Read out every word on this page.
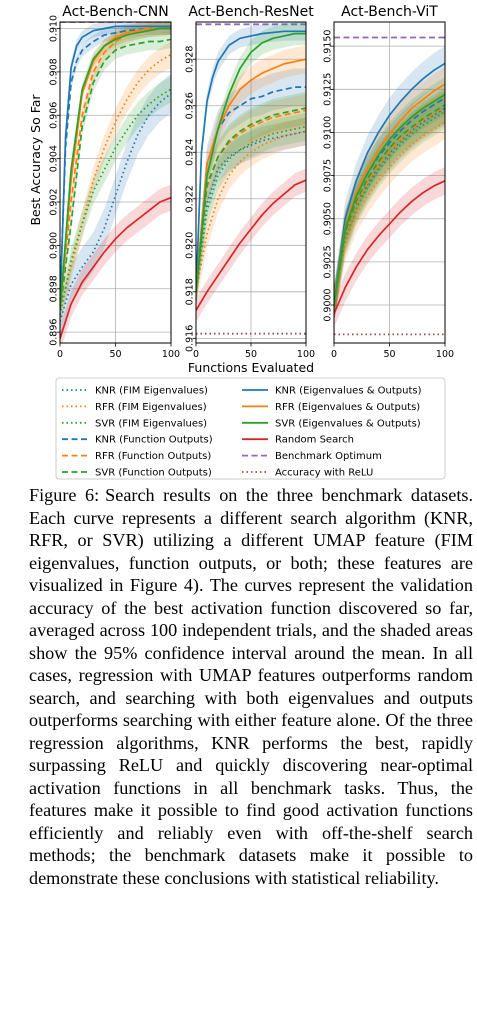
0.896
0.898
0.900
0.902
0.904
0.906
0.908
0.910
0	50	100
Act-Bench-CNN
0.916
0.918
0.920
0.922
0.924
0.926
0.928
0	50	100
Act-Bench-ResNet
0.9000
0.9025
0.9050
0.9075
0.9100
0.9125
0.9150
0	50	100
Act-Bench-ViT
Best Accuracy So Far
Functions Evaluated
KNR (FIM Eigenvalues)
RFR (FIM Eigenvalues)
SVR (FIM Eigenvalues)
KNR (Function Outputs)
RFR (Function Outputs)
SVR (Function Outputs)
KNR (Eigenvalues & Outputs)
RFR (Eigenvalues & Outputs)
SVR (Eigenvalues & Outputs)
Random Search
Benchmark Optimum
Accuracy with ReLU
Figure 6: Search results on the three benchmark datasets. Each curve represents a different search algorithm (KNR, RFR, or SVR) utilizing a different UMAP feature (FIM eigenvalues, function outputs, or both; these features are visualized in Figure 4). The curves represent the validation accuracy of the best activation function discovered so far, averaged across 100 independent trials, and the shaded areas show the 95% confidence interval around the mean. In all cases, regression with UMAP features outperforms random search, and searching with both eigenvalues and outputs outperforms searching with either feature alone. Of the three regression algorithms, KNR performs the best, rapidly surpassing ReLU and quickly discovering near-optimal activation functions in all benchmark tasks. Thus, the features make it possible to find good activation functions efficiently and reliably even with off-the-shelf search methods; the benchmark datasets make it possible to demonstrate these conclusions with statistical reliability.
